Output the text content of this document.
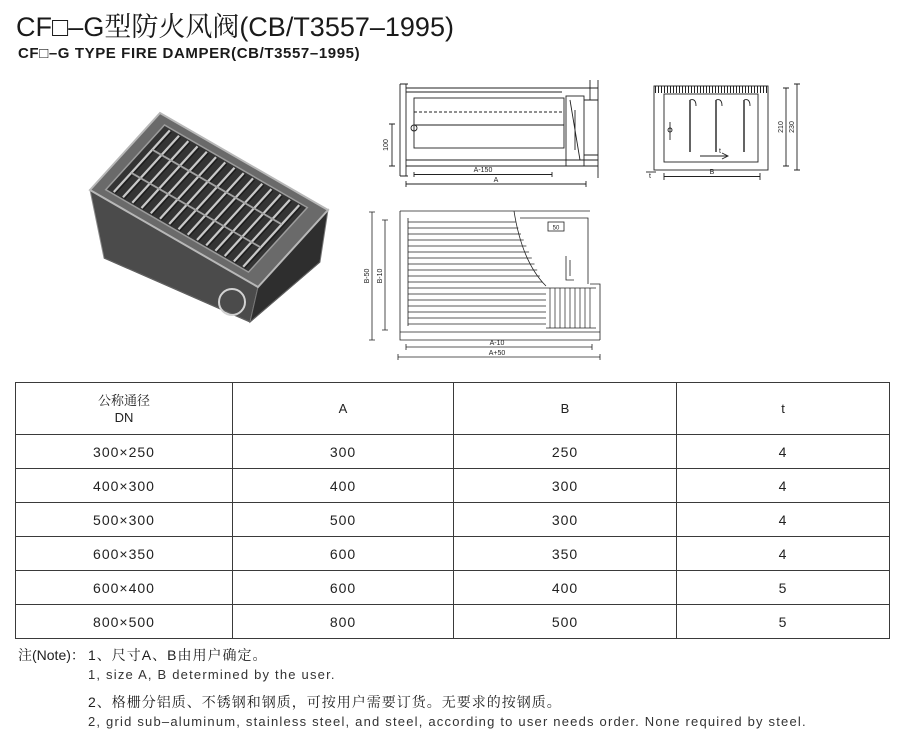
CF□–G型防火风阀(CB/T3557–1995)
CF□–G TYPE FIRE DAMPER(CB/T3557–1995)
100
A-150
A
210 230
B
t
t
50
B-50 B-10
A-10
A+50
公称通径
DN	A	B	t
300×250	300	250	4
400×300	400	300	4
500×300	500	300	4
600×350	600	350	4
600×400	600	400	5
800×500	800	500	5
注(Note)： 1、尺寸A、B由用户确定。
1, size A, B determined by the user.
2、格栅分铝质、不锈钢和钢质，可按用户需要订货。无要求的按钢质。
2, grid sub–aluminum, stainless steel, and steel, according to user needs order. None required by steel.
